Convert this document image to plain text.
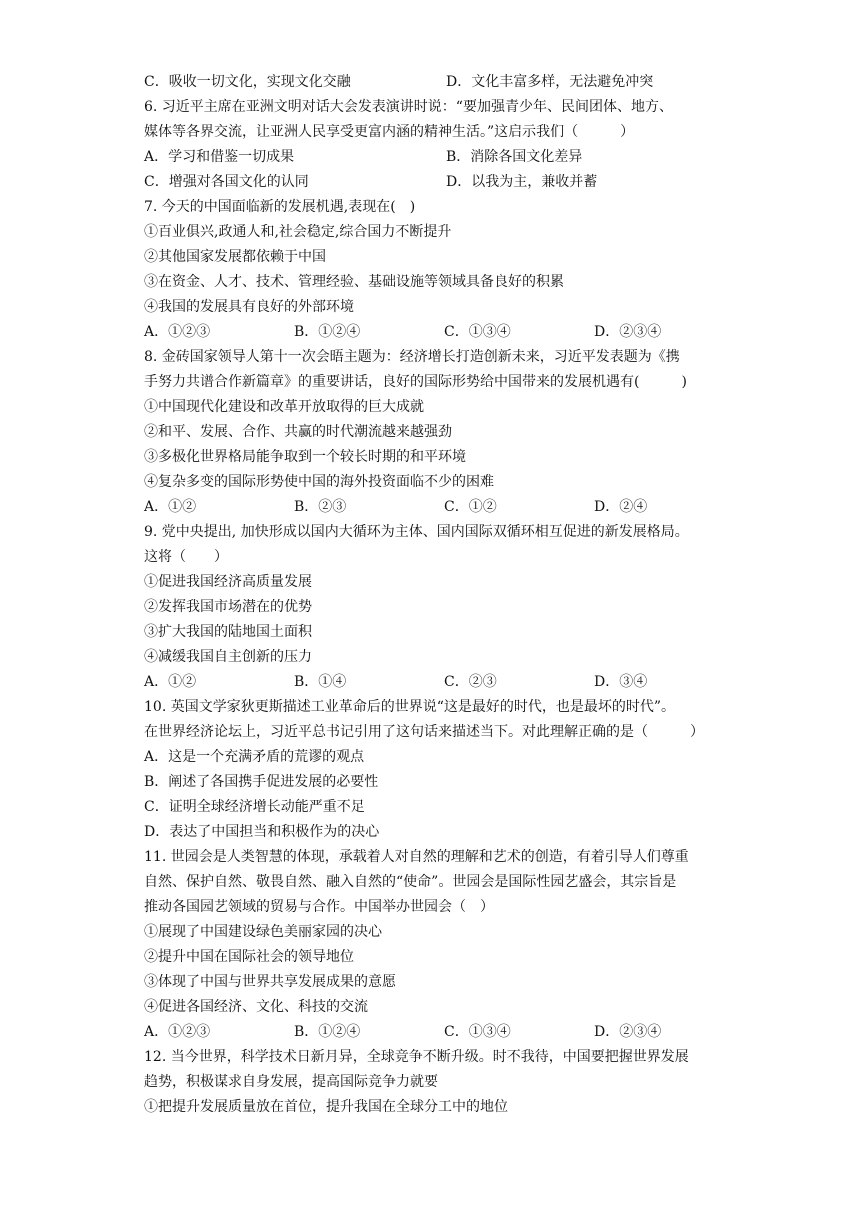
C．吸收一切文化，实现文化交融	D．文化丰富多样，无法避免冲突
6. 习近平主席在亚洲文明对话大会发表演讲时说：“要加强青少年、民间团体、地方、
媒体等各界交流，让亚洲人民享受更富内涵的精神生活。”这启示我们（　　　）
A．学习和借鉴一切成果	B．消除各国文化差异
C．增强对各国文化的认同	D．以我为主，兼收并蓄
7. 今天的中国面临新的发展机遇,表现在(　)
①百业俱兴,政通人和,社会稳定,综合国力不断提升
②其他国家发展都依赖于中国
③在资金、人才、技术、管理经验、基础设施等领域具备良好的积累
④我国的发展具有良好的外部环境
A．①②③	B．①②④	C．①③④	D．②③④
8. 金砖国家领导人第十一次会晤主题为：经济增长打造创新未来，习近平发表题为《携
手努力共谱合作新篇章》的重要讲话，良好的国际形势给中国带来的发展机遇有(　　　)
①中国现代化建设和改革开放取得的巨大成就
②和平、发展、合作、共赢的时代潮流越来越强劲
③多极化世界格局能争取到一个较长时期的和平环境
④复杂多变的国际形势使中国的海外投资面临不少的困难
A．①②	B．②③	C．①②	D．②④
9. 党中央提出, 加快形成以国内大循环为主体、国内国际双循环相互促进的新发展格局。
这将（　　）
①促进我国经济高质量发展
②发挥我国市场潜在的优势
③扩大我国的陆地国土面积
④减缓我国自主创新的压力
A．①②	B．①④	C．②③	D．③④
10. 英国文学家狄更斯描述工业革命后的世界说“这是最好的时代，也是最坏的时代”。
在世界经济论坛上，习近平总书记引用了这句话来描述当下。对此理解正确的是（　　　）
A．这是一个充满矛盾的荒谬的观点
B．阐述了各国携手促进发展的必要性
C．证明全球经济增长动能严重不足
D．表达了中国担当和积极作为的决心
11. 世园会是人类智慧的体现，承载着人对自然的理解和艺术的创造，有着引导人们尊重
自然、保护自然、敬畏自然、融入自然的“使命”。世园会是国际性园艺盛会，其宗旨是
推动各国园艺领域的贸易与合作。中国举办世园会（　）
①展现了中国建设绿色美丽家园的决心
②提升中国在国际社会的领导地位
③体现了中国与世界共享发展成果的意愿
④促进各国经济、文化、科技的交流
A．①②③	B．①②④	C．①③④	D．②③④
12. 当今世界，科学技术日新月异，全球竞争不断升级。时不我待，中国要把握世界发展
趋势，积极谋求自身发展，提高国际竞争力就要
①把提升发展质量放在首位，提升我国在全球分工中的地位
